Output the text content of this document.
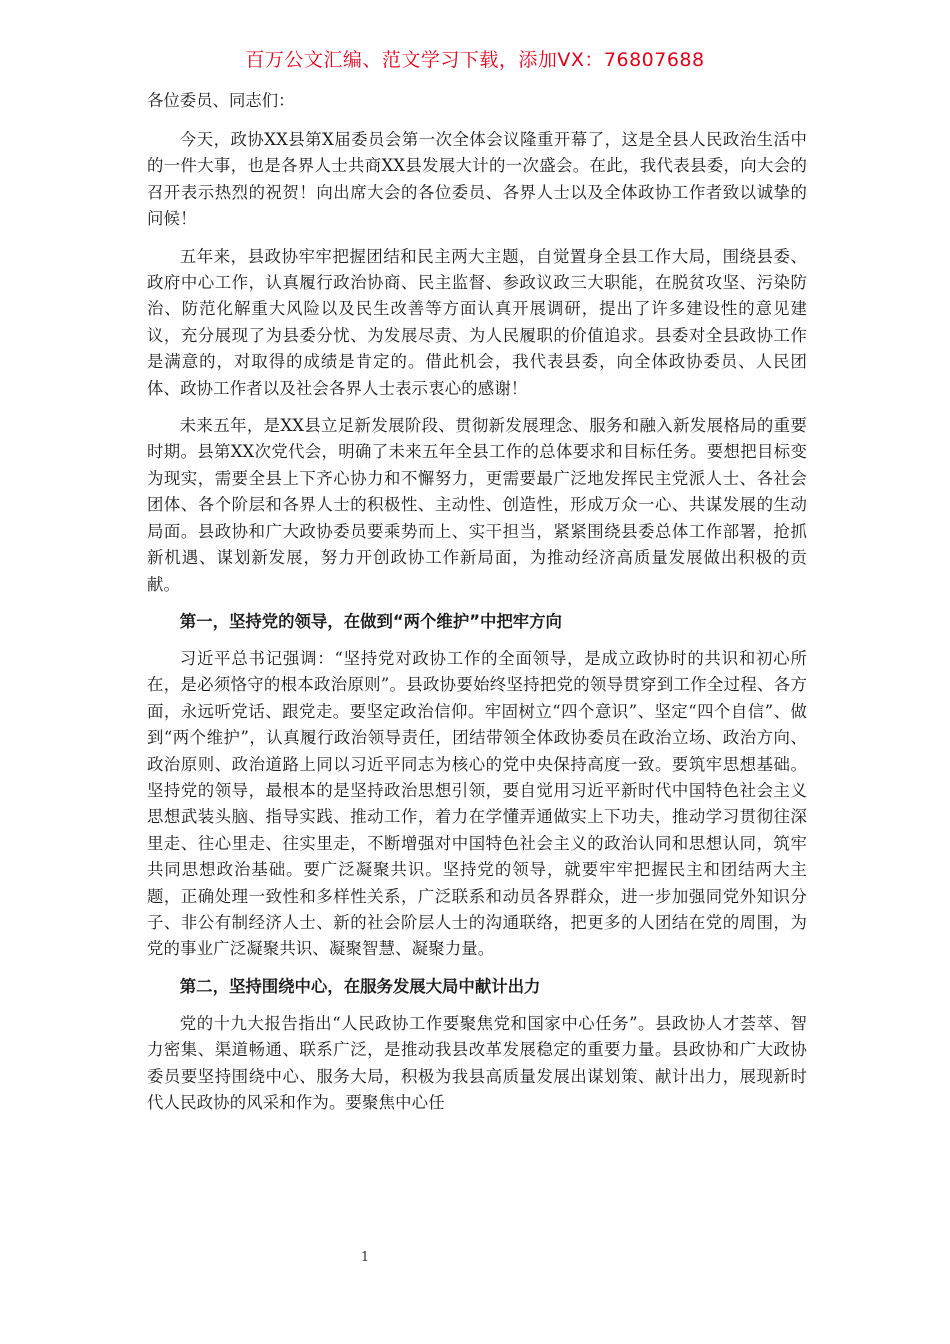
百万公文汇编、范文学习下载，添加VX：76807688

各位委员、同志们：

今天，政协XX县第X届委员会第一次全体会议隆重开幕了，这是全县人民政治生活中的一件大事，也是各界人士共商XX县发展大计的一次盛会。在此，我代表县委，向大会的召开表示热烈的祝贺！向出席大会的各位委员、各界人士以及全体政协工作者致以诚挚的问候！

五年来，县政协牢牢把握团结和民主两大主题，自觉置身全县工作大局，围绕县委、政府中心工作，认真履行政治协商、民主监督、参政议政三大职能，在脱贫攻坚、污染防治、防范化解重大风险以及民生改善等方面认真开展调研，提出了许多建设性的意见建议，充分展现了为县委分忧、为发展尽责、为人民履职的价值追求。县委对全县政协工作是满意的，对取得的成绩是肯定的。借此机会，我代表县委，向全体政协委员、人民团体、政协工作者以及社会各界人士表示衷心的感谢！

未来五年，是XX县立足新发展阶段、贯彻新发展理念、服务和融入新发展格局的重要时期。县第XX次党代会，明确了未来五年全县工作的总体要求和目标任务。要想把目标变为现实，需要全县上下齐心协力和不懈努力，更需要最广泛地发挥民主党派人士、各社会团体、各个阶层和各界人士的积极性、主动性、创造性，形成万众一心、共谋发展的生动局面。县政协和广大政协委员要乘势而上、实干担当，紧紧围绕县委总体工作部署，抢抓新机遇、谋划新发展，努力开创政协工作新局面，为推动经济高质量发展做出积极的贡献。

第一，坚持党的领导，在做到“两个维护”中把牢方向

习近平总书记强调：“坚持党对政协工作的全面领导，是成立政协时的共识和初心所在，是必须恪守的根本政治原则”。县政协要始终坚持把党的领导贯穿到工作全过程、各方面，永远听党话、跟党走。要坚定政治信仰。牢固树立“四个意识”、坚定“四个自信”、做到“两个维护”，认真履行政治领导责任，团结带领全体政协委员在政治立场、政治方向、政治原则、政治道路上同以习近平同志为核心的党中央保持高度一致。要筑牢思想基础。坚持党的领导，最根本的是坚持政治思想引领，要自觉用习近平新时代中国特色社会主义思想武装头脑、指导实践、推动工作，着力在学懂弄通做实上下功夫，推动学习贯彻往深里走、往心里走、往实里走，不断增强对中国特色社会主义的政治认同和思想认同，筑牢共同思想政治基础。要广泛凝聚共识。坚持党的领导，就要牢牢把握民主和团结两大主题，正确处理一致性和多样性关系，广泛联系和动员各界群众，进一步加强同党外知识分子、非公有制经济人士、新的社会阶层人士的沟通联络，把更多的人团结在党的周围，为党的事业广泛凝聚共识、凝聚智慧、凝聚力量。

第二，坚持围绕中心，在服务发展大局中献计出力

党的十九大报告指出“人民政协工作要聚焦党和国家中心任务”。县政协人才荟萃、智力密集、渠道畅通、联系广泛，是推动我县改革发展稳定的重要力量。县政协和广大政协委员要坚持围绕中心、服务大局，积极为我县高质量发展出谋划策、献计出力，展现新时代人民政协的风采和作为。要聚焦中心任

1
